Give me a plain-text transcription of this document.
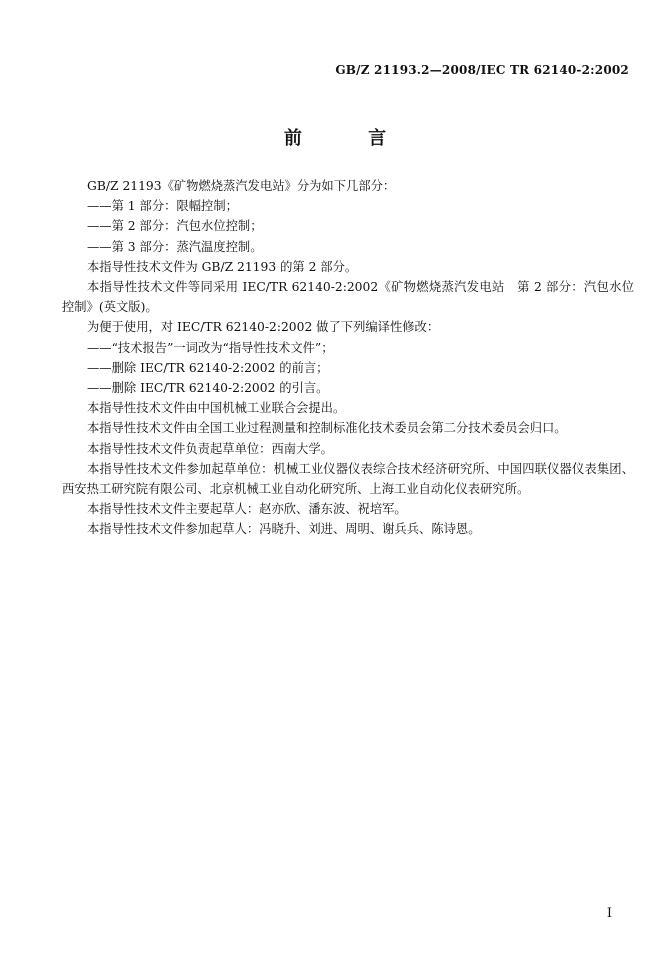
GB/Z 21193.2—2008/IEC TR 62140-2:2002
前 言

GB/Z 21193《矿物燃烧蒸汽发电站》分为如下几部分：

——第 1 部分：限幅控制；

——第 2 部分：汽包水位控制；

——第 3 部分：蒸汽温度控制。

本指导性技术文件为 GB/Z 21193 的第 2 部分。

本指导性技术文件等同采用 IEC/TR 62140-2:2002《矿物燃烧蒸汽发电站　第 2 部分：汽包水位控制》(英文版)。

为便于使用，对 IEC/TR 62140-2:2002 做了下列编译性修改：

——“技术报告”一词改为“指导性技术文件”；

——删除 IEC/TR 62140-2:2002 的前言；

——删除 IEC/TR 62140-2:2002 的引言。

本指导性技术文件由中国机械工业联合会提出。

本指导性技术文件由全国工业过程测量和控制标准化技术委员会第二分技术委员会归口。

本指导性技术文件负责起草单位：西南大学。

本指导性技术文件参加起草单位：机械工业仪器仪表综合技术经济研究所、中国四联仪器仪表集团、西安热工研究院有限公司、北京机械工业自动化研究所、上海工业自动化仪表研究所。

本指导性技术文件主要起草人：赵亦欣、潘东波、祝培军。

本指导性技术文件参加起草人：冯晓升、刘进、周明、谢兵兵、陈诗恩。

I
